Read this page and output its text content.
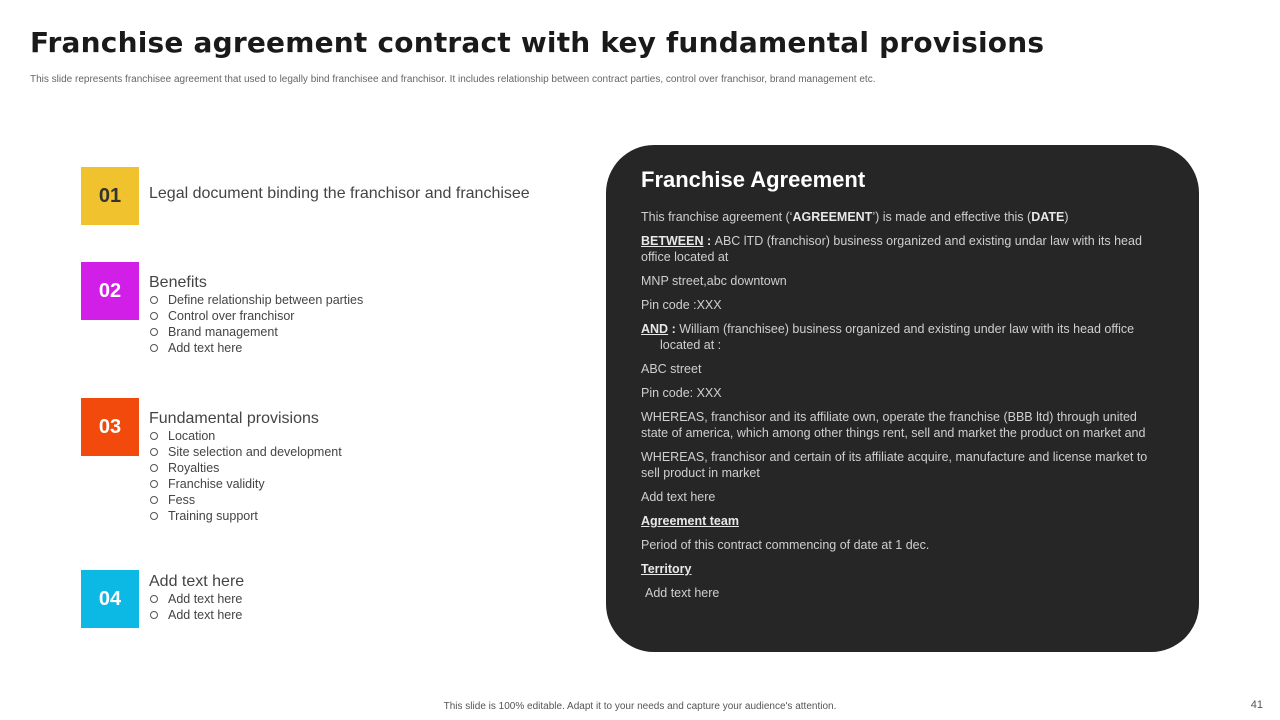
Franchise agreement contract with key fundamental provisions
This slide represents franchisee agreement that used to legally bind franchisee and franchisor. It includes relationship between contract parties, control over franchisor, brand management etc.
01	Legal document binding the franchisor and franchisee
02	Benefits
Define relationship between parties
Control over franchisor
Brand management
Add text here
03	Fundamental provisions
Location
Site selection and development
Royalties
Franchise validity
Fess
Training support
04
Add text here
Add text here
Add text here
Franchise Agreement

This franchise agreement (‘AGREEMENT’) is made and effective this (DATE)

BETWEEN : ABC lTD (franchisor) business organized and existing undar law with its head office located at

MNP street,abc downtown

Pin code :XXX

AND : William (franchisee) business organized and existing under law with its head office located at :

ABC street

Pin code: XXX

WHEREAS, franchisor and its affiliate own, operate the franchise (BBB ltd) through united state of america, which among other things rent, sell and market the product on market and

WHEREAS, franchisor and certain of its affiliate acquire, manufacture and license market to sell product in market

Add text here

Agreement team

Period of this contract commencing of date at 1 dec.

Territory

Add text here

This slide is 100% editable. Adapt it to your needs and capture your audience's attention.	41
